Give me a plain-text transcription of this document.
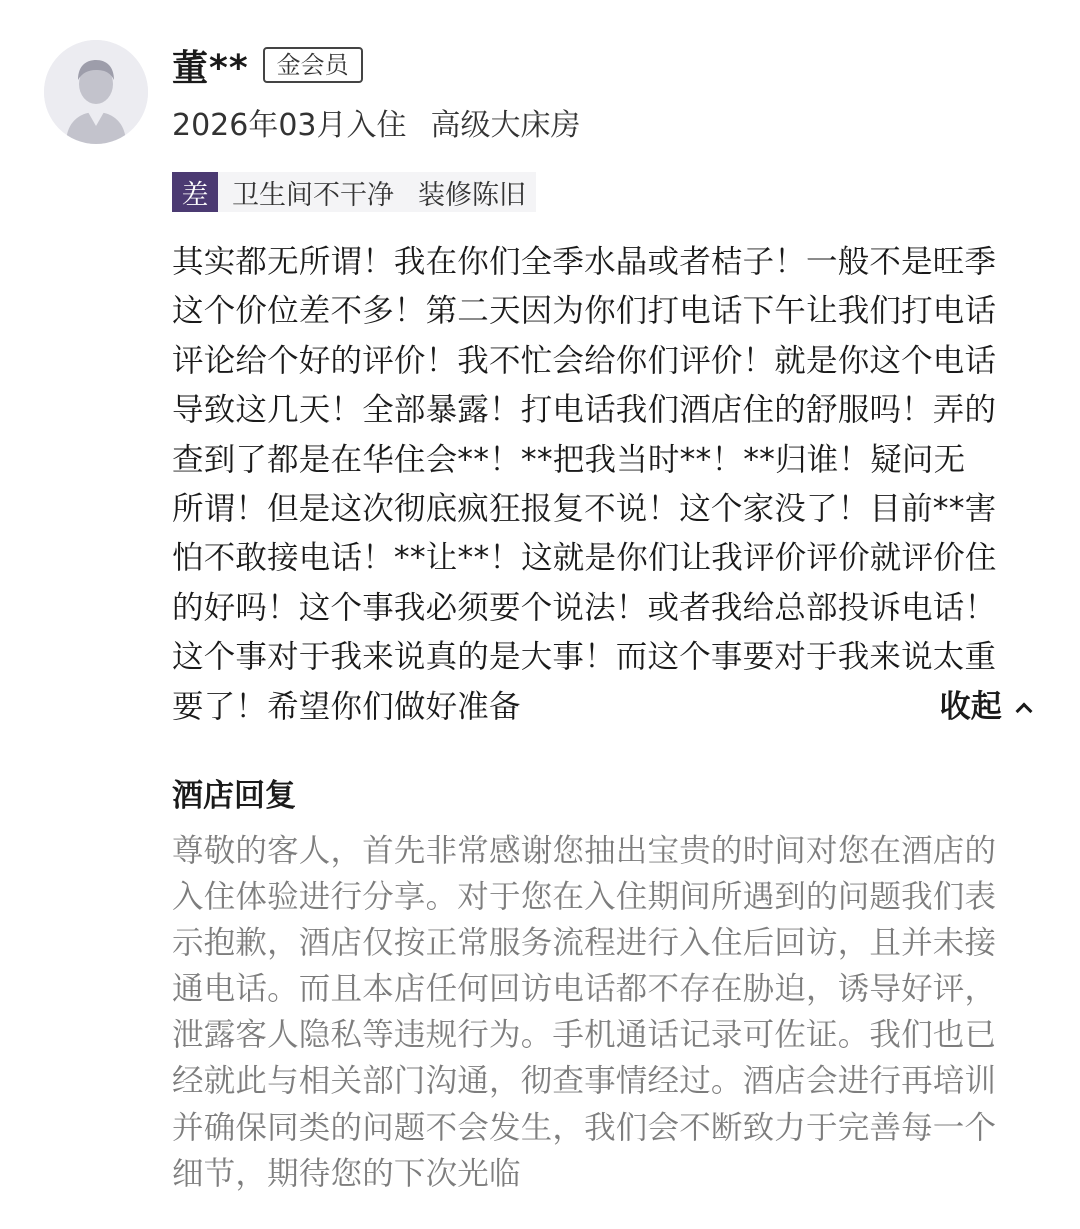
董**	金会员
2026年03月入住 高级大床房
差 卫生间不干净 装修陈旧
其实都无所谓！我在你们全季水晶或者桔子！一般不是旺季
这个价位差不多！第二天因为你们打电话下午让我们打电话
评论给个好的评价！我不忙会给你们评价！就是你这个电话
导致这几天！全部暴露！打电话我们酒店住的舒服吗！弄的
查到了都是在华住会**！**把我当时**！**归谁！疑问无
所谓！但是这次彻底疯狂报复不说！这个家没了！目前**害
怕不敢接电话！**让**！这就是你们让我评价评价就评价住
的好吗！这个事我必须要个说法！或者我给总部投诉电话！
这个事对于我来说真的是大事！而这个事要对于我来说太重
要了！希望你们做好准备	收起
酒店回复
尊敬的客人，首先非常感谢您抽出宝贵的时间对您在酒店的
入住体验进行分享。对于您在入住期间所遇到的问题我们表
示抱歉，酒店仅按正常服务流程进行入住后回访，且并未接
通电话。而且本店任何回访电话都不存在胁迫，诱导好评，
泄露客人隐私等违规行为。手机通话记录可佐证。我们也已
经就此与相关部门沟通，彻查事情经过。酒店会进行再培训
并确保同类的问题不会发生，我们会不断致力于完善每一个
细节，期待您的下次光临
